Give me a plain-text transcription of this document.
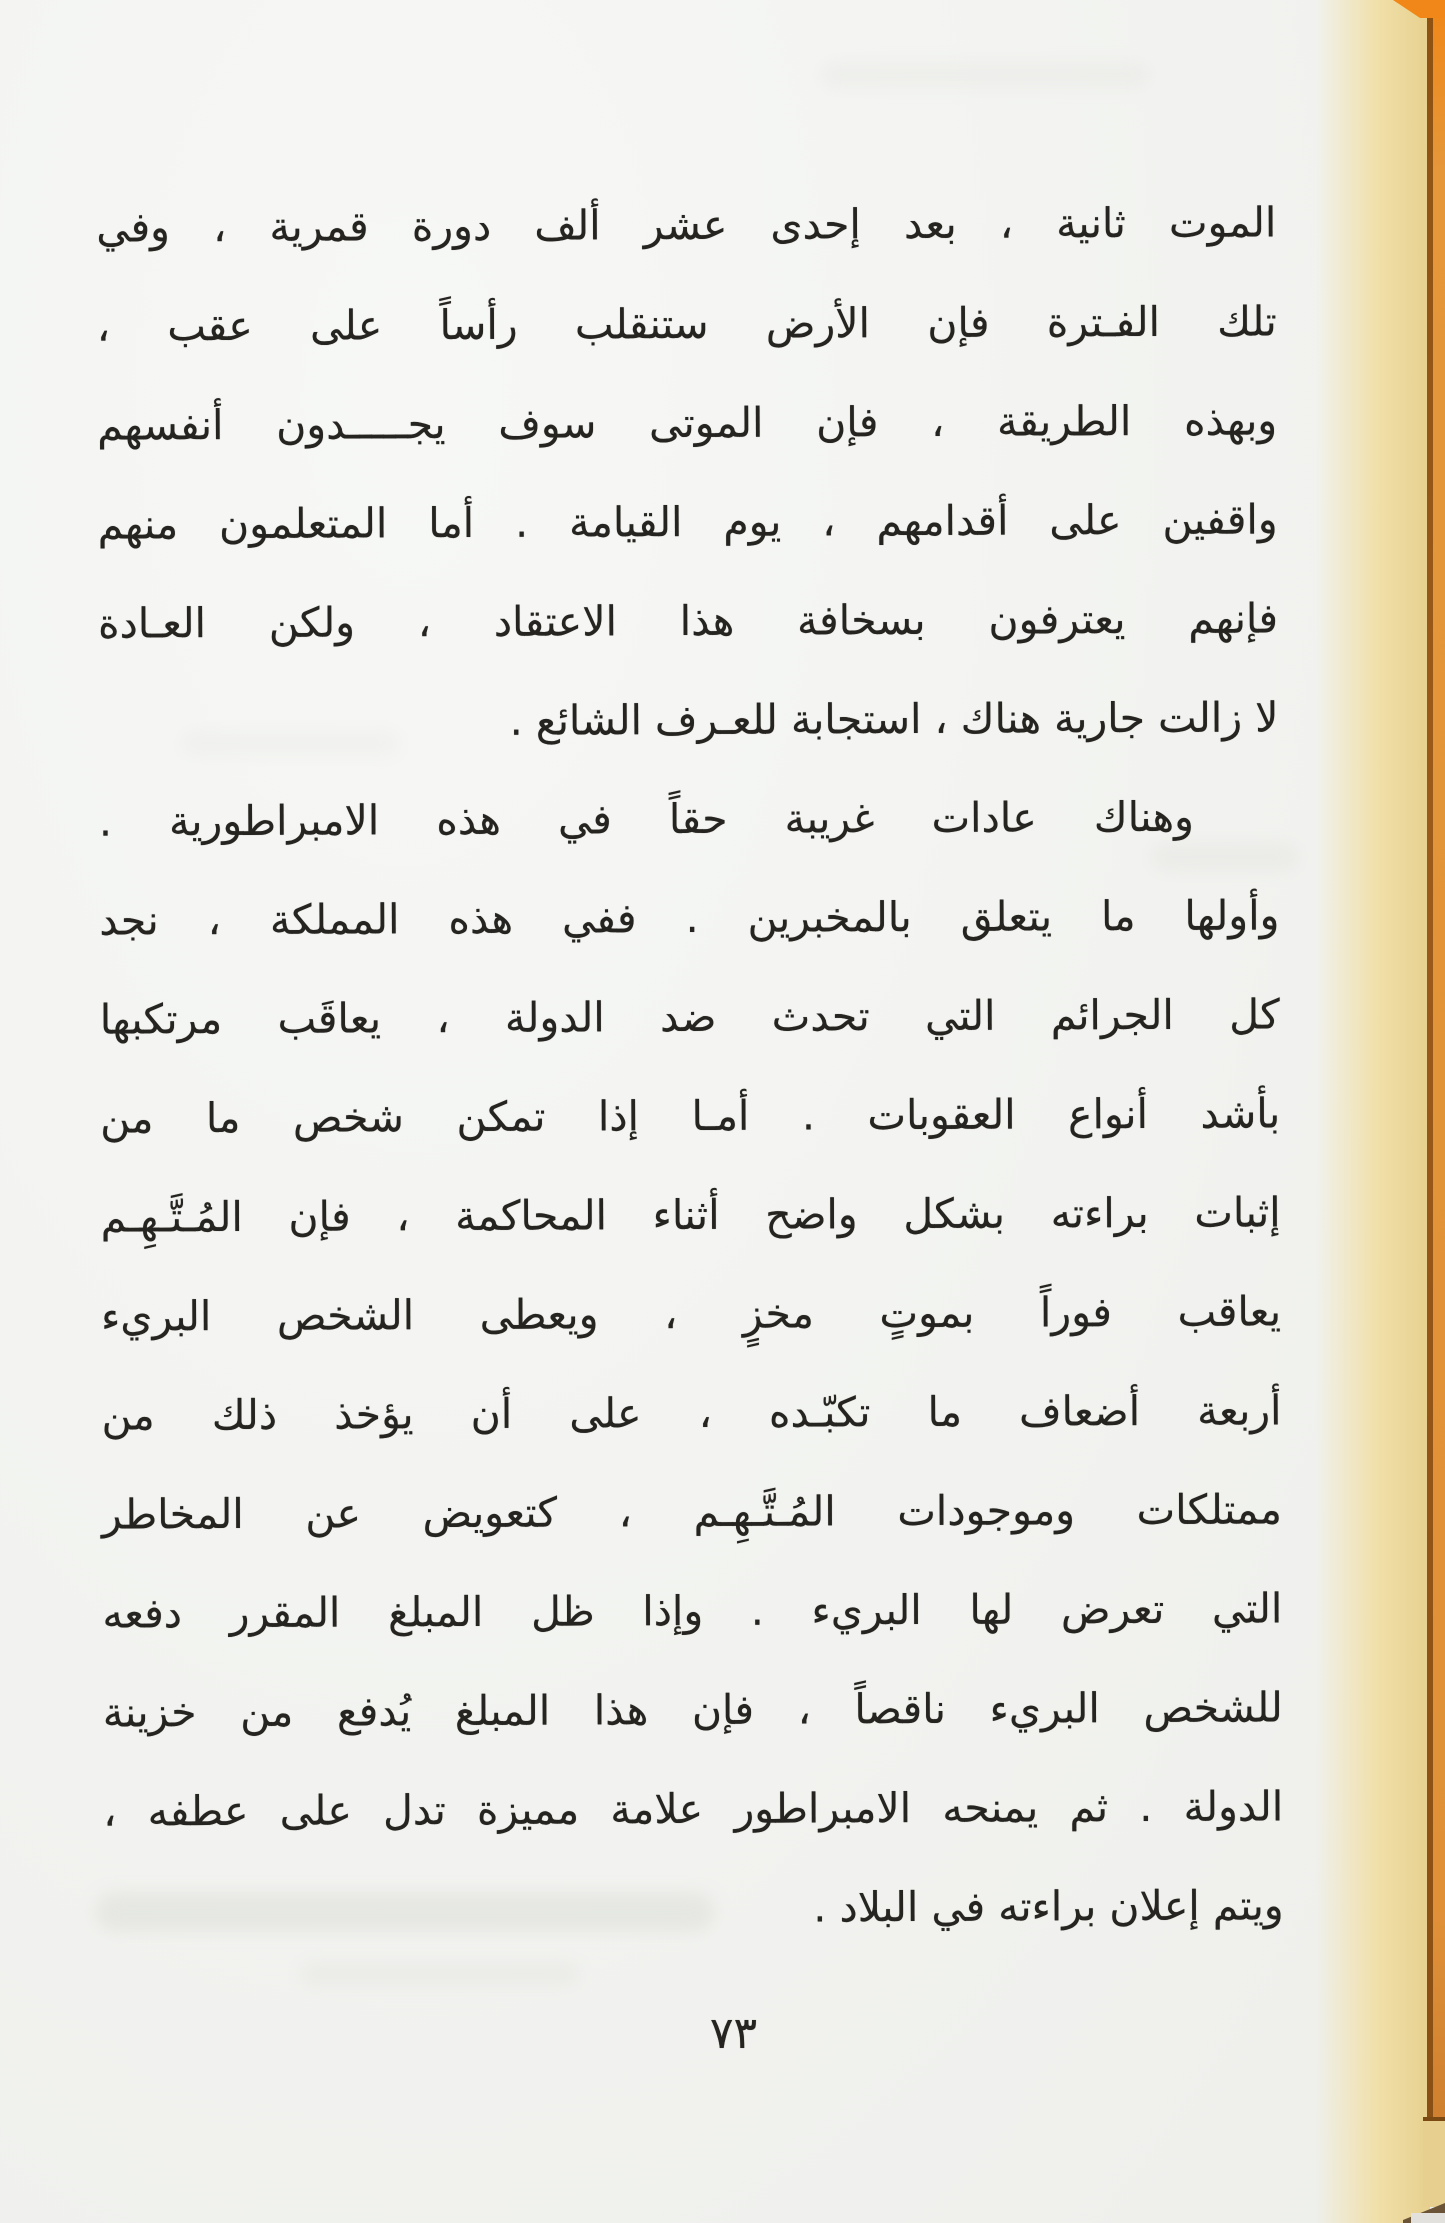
الموت ثانية ، بعد إحدى عشر ألف دورة قمرية ، وفي
تلك الفـترة فإن الأرض ستنقلب رأساً على عقب ،
وبهذه الطريقة ، فإن الموتى سوف يجـــــدون أنفسهم
واقفين على أقدامهم ، يوم القيامة . أما المتعلمون منهم
فإنهم يعترفون بسخافة هذا الاعتقاد ، ولكن العـادة
لا زالت جارية هناك ، استجابة للعـرف الشائع .
وهناك عادات غريبة حقاً في هذه الامبراطورية .
وأولها ما يتعلق بالمخبرين . ففي هذه المملكة ، نجد
كل الجرائم التي تحدث ضد الدولة ، يعاقَب مرتكبها
بأشد أنواع العقوبات . أمـا إذا تمكن شخص ما من
إثبات براءته بشكل واضح أثناء المحاكمة ، فإن المُـتَّـهِـم
يعاقب فوراً بموتٍ مخزٍ ، ويعطى الشخص البريء
أربعة أضعاف ما تكبّـده ، على أن يؤخذ ذلك من
ممتلكات وموجودات المُـتَّـهِـم ، كتعويض عن المخاطر
التي تعرض لها البريء . وإذا ظل المبلغ المقرر دفعه
للشخص البريء ناقصاً ، فإن هذا المبلغ يُدفع من خزينة
الدولة . ثم يمنحه الامبراطور علامة مميزة تدل على عطفه ،
ويتم إعلان براءته في البلاد .
٧٣
